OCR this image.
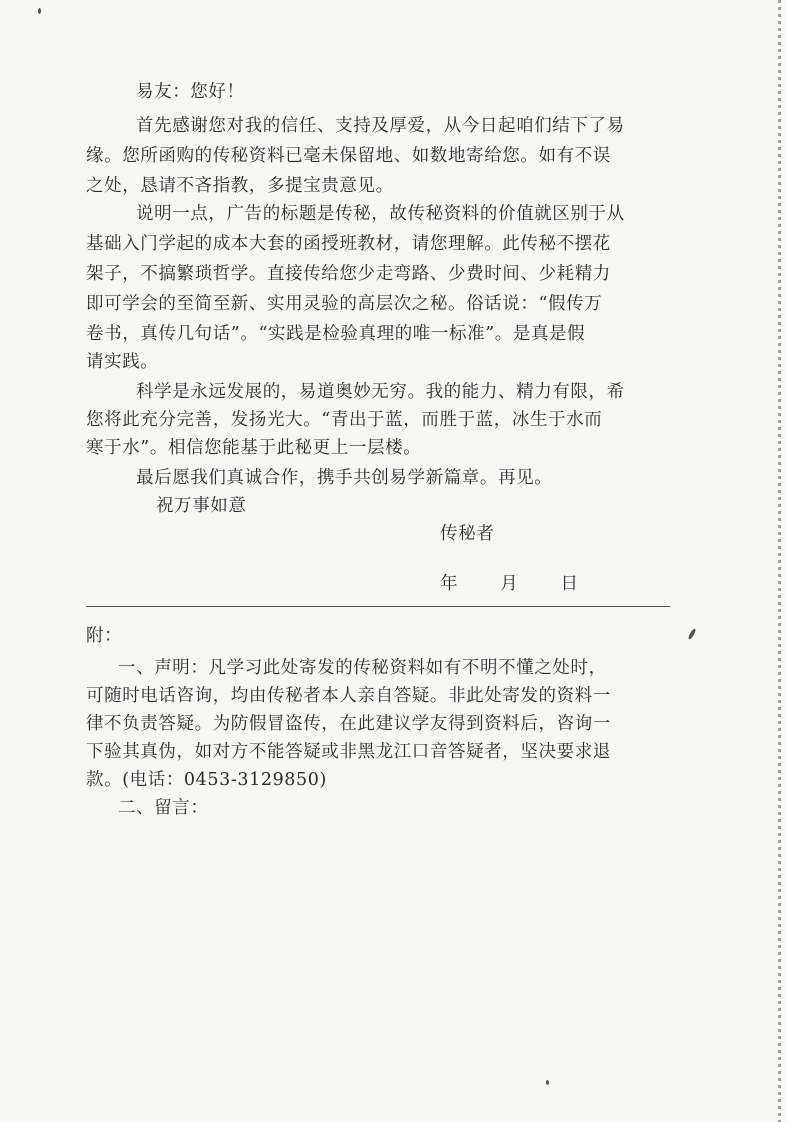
易友：您好！
首先感谢您对我的信任、支持及厚爱，从今日起咱们结下了易
缘。您所函购的传秘资料已毫未保留地、如数地寄给您。如有不误
之处，恳请不吝指教，多提宝贵意见。
说明一点，广告的标题是传秘，故传秘资料的价值就区别于从
基础入门学起的成本大套的函授班教材，请您理解。此传秘不摆花
架子，不搞繁琐哲学。直接传给您少走弯路、少费时间、少耗精力
即可学会的至简至新、实用灵验的高层次之秘。俗话说：“假传万
卷书，真传几句话”。“实践是检验真理的唯一标准”。是真是假
请实践。
科学是永远发展的，易道奥妙无穷。我的能力、精力有限，希
您将此充分完善，发扬光大。“青出于蓝，而胜于蓝，冰生于水而
寒于水”。相信您能基于此秘更上一层楼。
最后愿我们真诚合作，携手共创易学新篇章。再见。
祝万事如意
传秘者
年 月 日
附：
一、声明：凡学习此处寄发的传秘资料如有不明不懂之处时，
可随时电话咨询，均由传秘者本人亲自答疑。非此处寄发的资料一
律不负责答疑。为防假冒盗传，在此建议学友得到资料后，咨询一
下验其真伪，如对方不能答疑或非黑龙江口音答疑者，坚决要求退
款。(电话：0453-3129850)
二、留言：
